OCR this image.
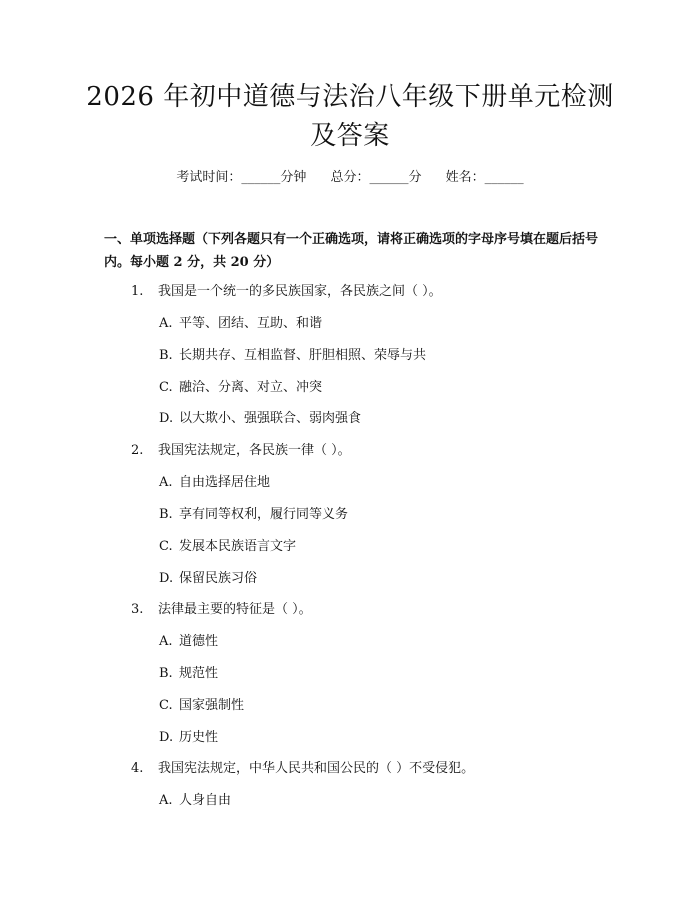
2026 年初中道德与法治八年级下册单元检测
及答案
考试时间：______分钟 总分：______分 姓名：______
一、单项选择题（下列各题只有一个正确选项，请将正确选项的字母序号填在题后括号内。每小题 2 分，共 20 分）
1. 我国是一个统一的多民族国家，各民族之间（ ）。
A. 平等、团结、互助、和谐
B. 长期共存、互相监督、肝胆相照、荣辱与共
C. 融洽、分离、对立、冲突
D. 以大欺小、强强联合、弱肉强食
2. 我国宪法规定，各民族一律（ ）。
A. 自由选择居住地
B. 享有同等权利，履行同等义务
C. 发展本民族语言文字
D. 保留民族习俗
3. 法律最主要的特征是（ ）。
A. 道德性
B. 规范性
C. 国家强制性
D. 历史性
4. 我国宪法规定，中华人民共和国公民的（ ）不受侵犯。
A. 人身自由
